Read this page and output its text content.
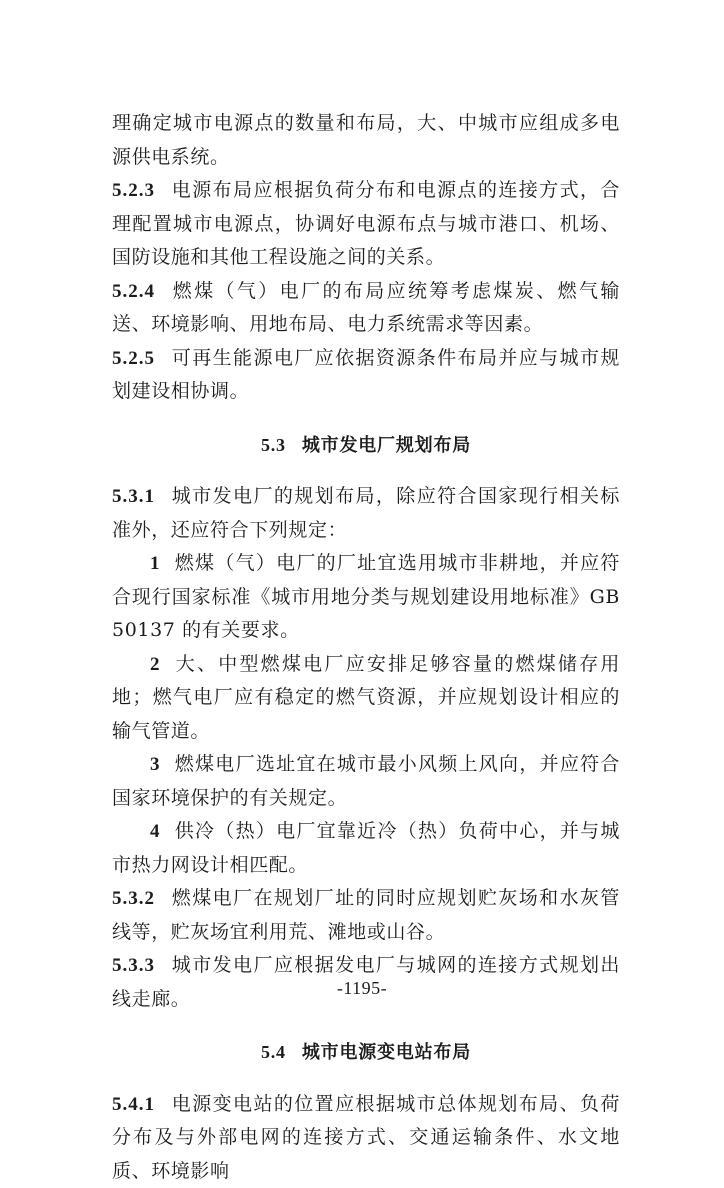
理确定城市电源点的数量和布局，大、中城市应组成多电源供电系统。

5.2.3 电源布局应根据负荷分布和电源点的连接方式，合理配置城市电源点，协调好电源布点与城市港口、机场、国防设施和其他工程设施之间的关系。

5.2.4 燃煤（气）电厂的布局应统筹考虑煤炭、燃气输送、环境影响、用地布局、电力系统需求等因素。

5.2.5 可再生能源电厂应依据资源条件布局并应与城市规划建设相协调。

5.3 城市发电厂规划布局

5.3.1 城市发电厂的规划布局，除应符合国家现行相关标准外，还应符合下列规定：

1 燃煤（气）电厂的厂址宜选用城市非耕地，并应符合现行国家标准《城市用地分类与规划建设用地标准》GB 50137 的有关要求。

2 大、中型燃煤电厂应安排足够容量的燃煤储存用地；燃气电厂应有稳定的燃气资源，并应规划设计相应的输气管道。

3 燃煤电厂选址宜在城市最小风频上风向，并应符合国家环境保护的有关规定。

4 供冷（热）电厂宜靠近冷（热）负荷中心，并与城市热力网设计相匹配。

5.3.2 燃煤电厂在规划厂址的同时应规划贮灰场和水灰管线等，贮灰场宜利用荒、滩地或山谷。

5.3.3 城市发电厂应根据发电厂与城网的连接方式规划出线走廊。

5.4 城市电源变电站布局

5.4.1 电源变电站的位置应根据城市总体规划布局、负荷分布及与外部电网的连接方式、交通运输条件、水文地质、环境影响

-1195-
